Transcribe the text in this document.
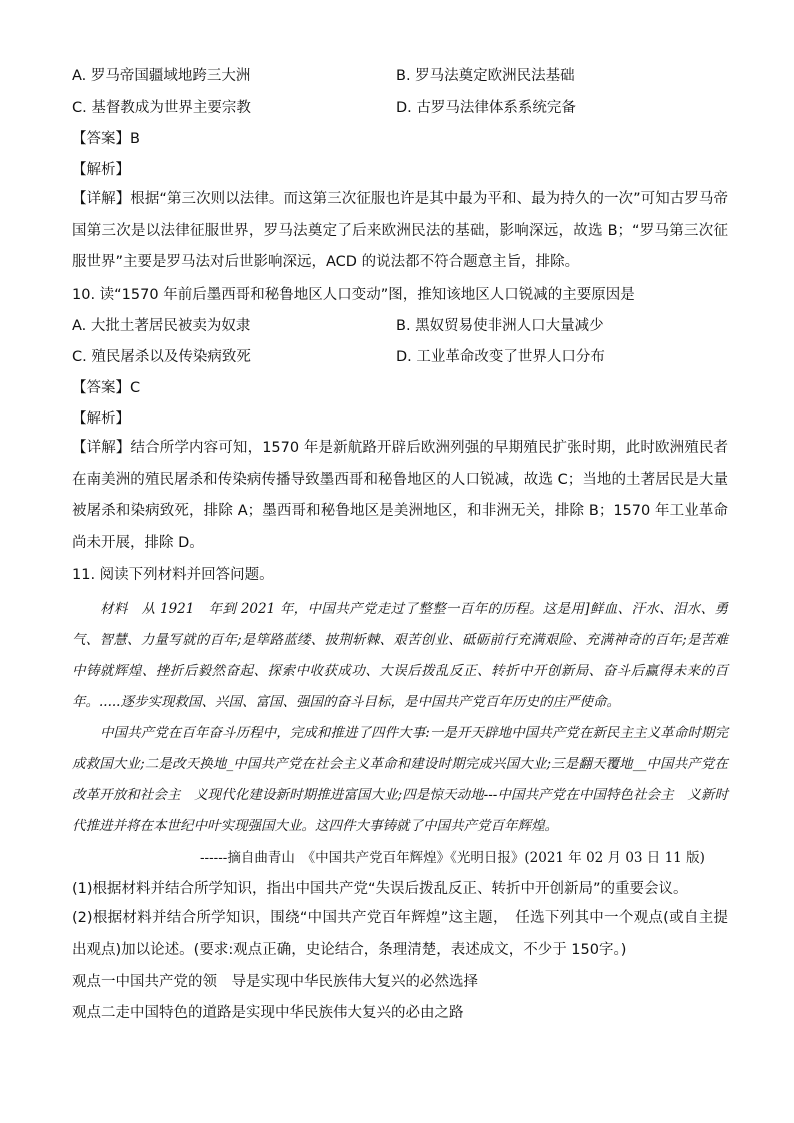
A. 罗马帝国疆域地跨三大洲	B. 罗马法奠定欧洲民法基础
C. 基督教成为世界主要宗教	D. 古罗马法律体系系统完备
【答案】B
【解析】
【详解】根据“第三次则以法律。而这第三次征服也许是其中最为平和、最为持久的一次”可知古罗马帝国第三次是以法律征服世界，罗马法奠定了后来欧洲民法的基础，影响深远，故选 B；“罗马第三次征服世界”主要是罗马法对后世影响深远，ACD 的说法都不符合题意主旨，排除。
10. 读“1570 年前后墨西哥和秘鲁地区人口变动”图，推知该地区人口锐减的主要原因是
A. 大批土著居民被卖为奴隶	B. 黑奴贸易使非洲人口大量减少
C. 殖民屠杀以及传染病致死	D. 工业革命改变了世界人口分布
【答案】C
【解析】
【详解】结合所学内容可知，1570 年是新航路开辟后欧洲列强的早期殖民扩张时期，此时欧洲殖民者在南美洲的殖民屠杀和传染病传播导致墨西哥和秘鲁地区的人口锐减，故选 C；当地的土著居民是大量被屠杀和染病致死，排除 A；墨西哥和秘鲁地区是美洲地区，和非洲无关，排除 B；1570 年工业革命尚未开展，排除 D。
11. 阅读下列材料并回答问题。
材料　从 1921　年到 2021 年，中国共产党走过了整整一百年的历程。这是用]鲜血、汗水、泪水、勇气、智慧、力量写就的百年;是筚路蓝缕、披荆斩棘、艰苦创业、砥砺前行充满艰险、充满神奇的百年;是苦难中铸就辉煌、挫折后毅然奋起、探索中收获成功、大误后拨乱反正、转折中开创新局、奋斗后赢得未来的百年。.....逐步实现救国、兴国、富国、强国的奋斗目标，是中国共产党百年历史的庄严使命。
中国共产党在百年奋斗历程中，完成和推进了四件大事:一是开天辟地中国共产党在新民主主义革命时期完成救国大业;二是改天换地_中国共产党在社会主义革命和建设时期完成兴国大业;三是翻天覆地__中国共产党在改革开放和社会主　义现代化建设新时期推进富国大业;四是惊天动地---中国共产党在中国特色社会主　义新时代推进并将在本世纪中叶实现强国大业。这四件大事铸就了中国共产党百年辉煌。
------摘自曲青山　《中国共产党百年辉煌》《光明日报》(2021 年 02 月 03 日 11 版)
(1)根据材料并结合所学知识，指出中国共产党“失误后拨乱反正、转折中开创新局”的重要会议。
(2)根据材料并结合所学知识，围绕“中国共产党百年辉煌”这主题，　任选下列其中一个观点(或自主提出观点)加以论述。(要求:观点正确，史论结合，条理清楚，表述成文，不少于 150字。)
观点一中国共产党的领　导是实现中华民族伟大复兴的必然选择
观点二走中国特色的道路是实现中华民族伟大复兴的必由之路
